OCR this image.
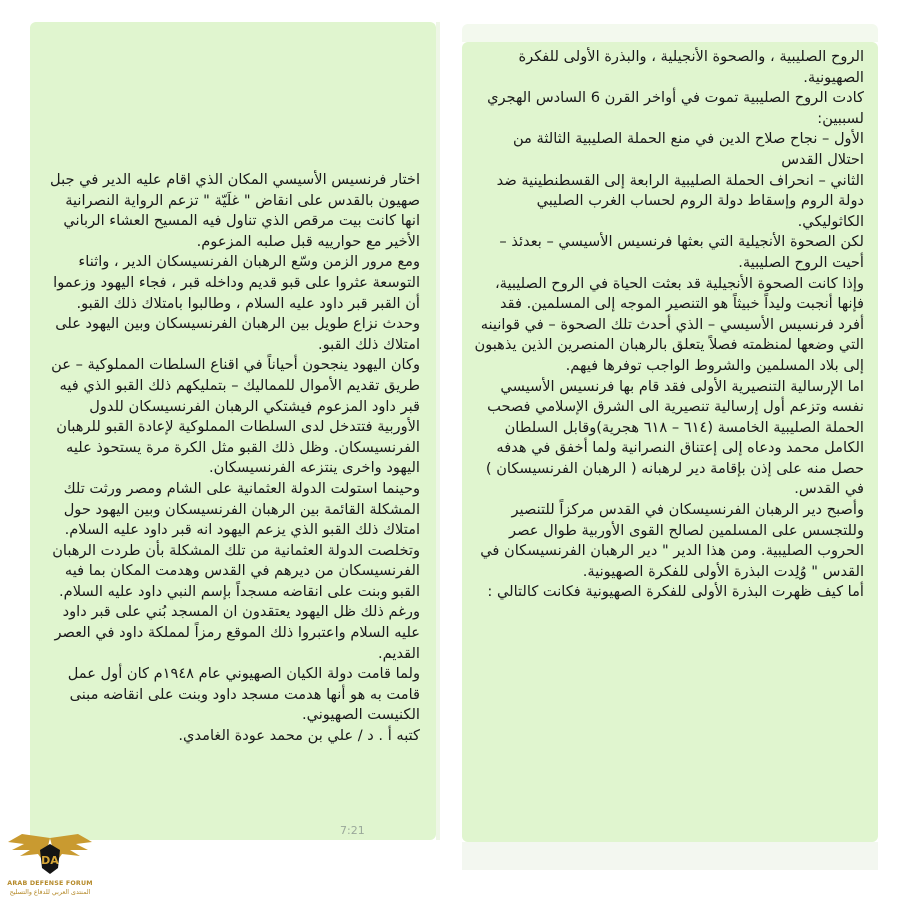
اختار فرنسيس الأسيسي المكان الذي اقام عليه الدير في جبل صهيون بالقدس على انقاض " غلَيّة " تزعم الرواية النصرانية انها كانت بيت مرقص الذي تناول فيه المسيح العشاء الرباني الأخير مع حوارييه قبل صلبه المزعوم.

ومع مرور الزمن وسّع الرهبان الفرنسيسكان الدير ، واثناء التوسعة عثروا على قبو قديم وداخله قبر ، فجاء اليهود وزعموا أن القبر قبر داود عليه السلام ، وطالبوا بامتلاك ذلك القبو. وحدث نزاع طويل بين الرهبان الفرنسيسكان وبين اليهود على امتلاك ذلك القبو.

وكان اليهود ينجحون أحياناً في اقناع السلطات المملوكية – عن طريق تقديم الأموال للمماليك – بتمليكهم ذلك القبو الذي فيه قبر داود المزعوم فيشتكي الرهبان الفرنسيسكان للدول الأوربية فتتدخل لدى السلطات المملوكية لإعادة القبو للرهبان الفرنسيسكان. وظل ذلك القبو مثل الكرة مرة يستحوذ عليه اليهود واخرى ينتزعه الفرنسيسكان.

وحينما استولت الدولة العثمانية على الشام ومصر ورثت تلك المشكلة القائمة بين الرهبان الفرنسيسكان وبين اليهود حول امتلاك ذلك القبو الذي يزعم اليهود انه قبر داود عليه السلام.

وتخلصت الدولة العثمانية من تلك المشكلة بأن طردت الرهبان الفرنسيسكان من ديرهم في القدس وهدمت المكان بما فيه القبو وبنت على انقاضه مسجداً بإسم النبي داود عليه السلام.

ورغم ذلك ظل اليهود يعتقدون ان المسجد بُني على قبر داود عليه السلام واعتبروا ذلك الموقع رمزاً لمملكة داود في العصر القديم.

ولما قامت دولة الكيان الصهيوني عام ١٩٤٨م كان أول عمل قامت به هو أنها هدمت مسجد داود وبنت على انقاضه مبنى الكنيست الصهيوني.

كتبه أ . د / علي بن محمد عودة الغامدي.

7:21

الروح الصليبية ، والصحوة الأنجيلية ، والبذرة الأولى للفكرة الصهيونية.

كادت الروح الصليبية تموت في أواخر القرن 6 السادس الهجري لسببين:

الأول – نجاح صلاح الدين في منع الحملة الصليبية الثالثة من احتلال القدس

الثاني – انحراف الحملة الصليبية الرابعة إلى القسطنطينية ضد دولة الروم وإسقاط دولة الروم لحساب الغرب الصليبي الكاثوليكي.

لكن الصحوة الأنجيلية التي بعثها فرنسيس الأسيسي – بعدئذ – أحيت الروح الصليبية.

وإذا كانت الصحوة الأنجيلية قد بعثت الحياة في الروح الصليبية، فإنها أنجبت وليداً خبيثاً هو التنصير الموجه إلى المسلمين. فقد أفرد فرنسيس الأسيسي – الذي أحدث تلك الصحوة – في قوانينه التي وضعها لمنظمته فصلاً يتعلق بالرهبان المنصرين الذين يذهبون إلى بلاد المسلمين والشروط الواجب توفرها فيهم.

اما الإرسالية التنصيرية الأولى فقد قام بها فرنسيس الأسيسي نفسه وتزعم أول إرسالية تنصيرية الى الشرق الإسلامي فصحب الحملة الصليبية الخامسة (٦١٤ – ٦١٨ هجرية)وقابل السلطان الكامل محمد ودعاه إلى إعتناق النصرانية ولما أخفق في هدفه حصل منه على إذن بإقامة دير لرهبانه ( الرهبان الفرنسيسكان ) في القدس.

وأصبح دير الرهبان الفرنسيسكان في القدس مركزاً للتنصير وللتجسس على المسلمين لصالح القوى الأوربية طوال عصر الحروب الصليبية. ومن هذا الدير " دير الرهبان الفرنسيسكان في القدس " وُلِدت البذرة الأولى للفكرة الصهيونية.

أما كيف ظهرت البذرة الأولى للفكرة الصهيونية فكانت كالتالي :

DA
ARAB DEFENSE FORUM
المنتدى العربي للدفاع والتسليح
